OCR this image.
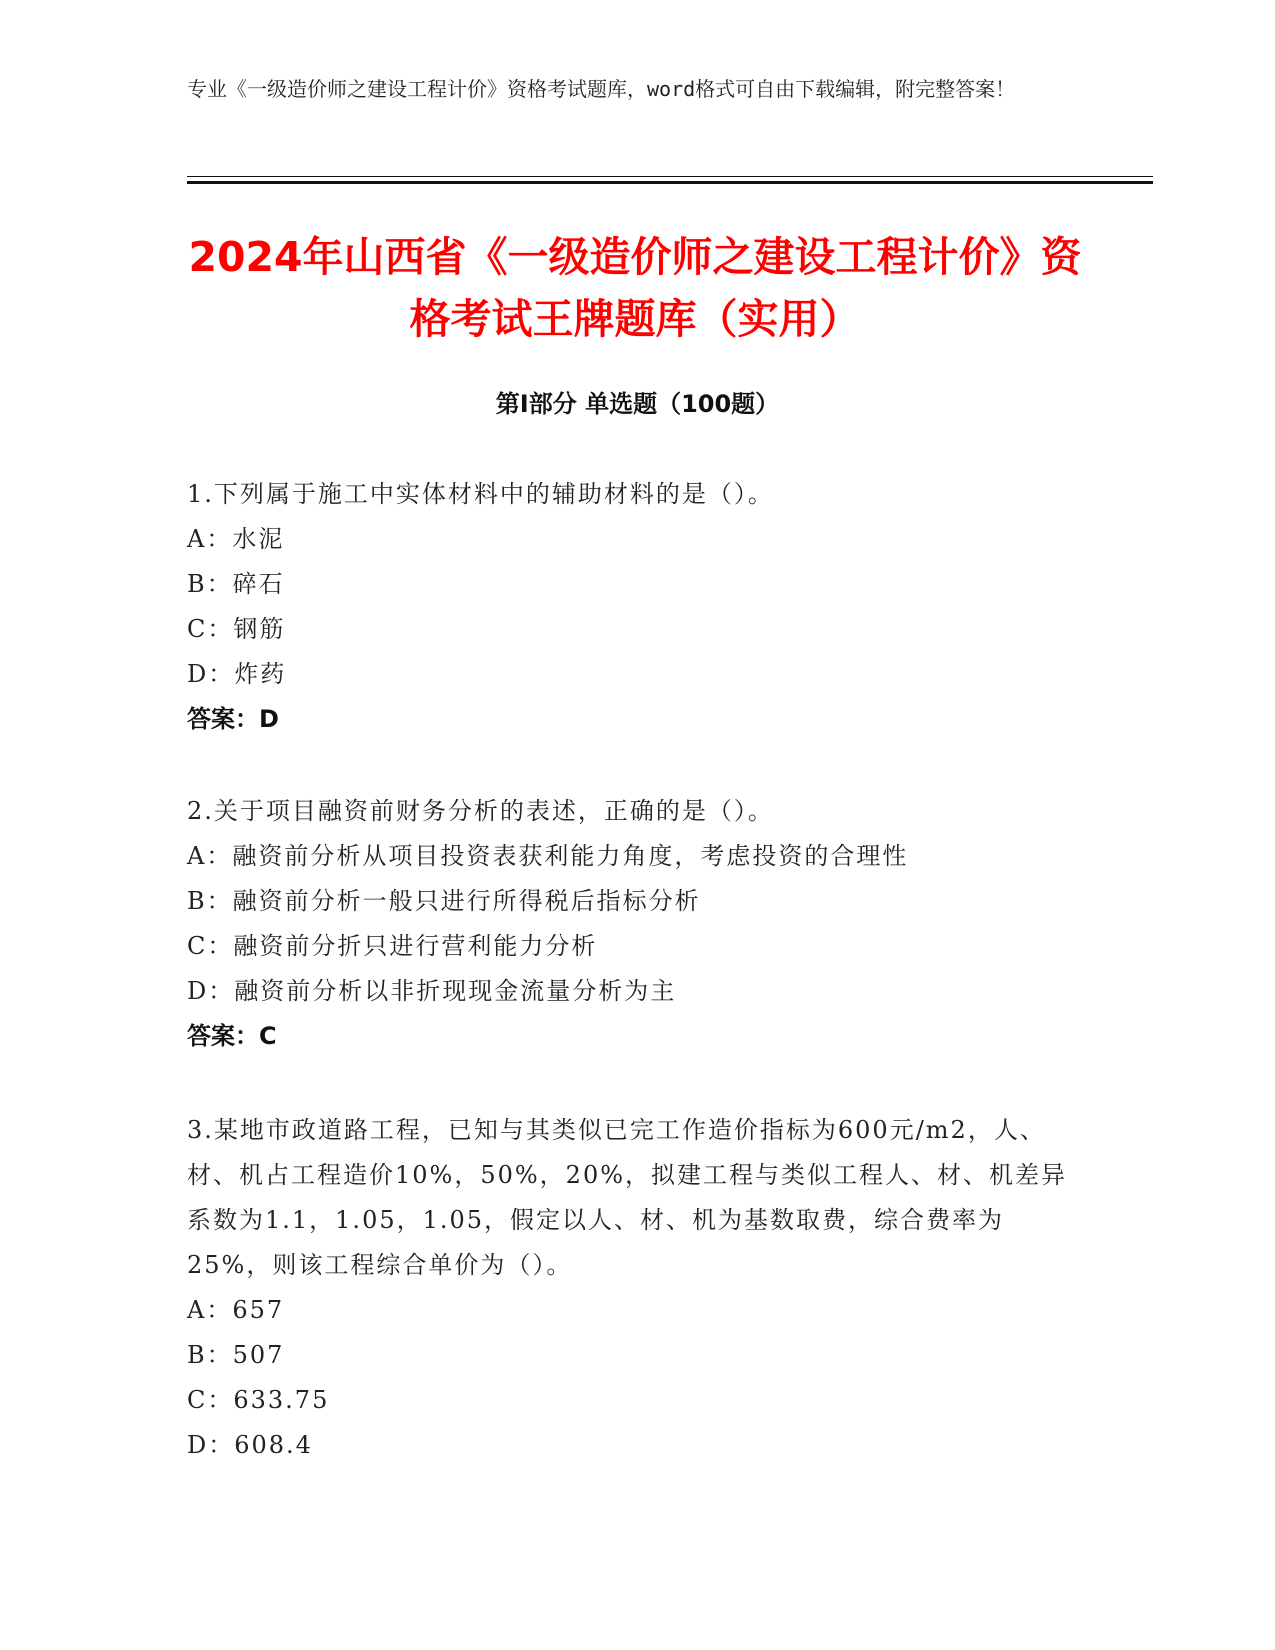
专业《一级造价师之建设工程计价》资格考试题库，word格式可自由下载编辑，附完整答案！
2024年山西省《一级造价师之建设工程计价》资格考试王牌题库（实用）
第Ⅰ部分 单选题（100题）
1.下列属于施工中实体材料中的辅助材料的是（）。
A：水泥
B：碎石
C：钢筋
D：炸药
答案：D
2.关于项目融资前财务分析的表述，正确的是（）。
A：融资前分析从项目投资表获利能力角度，考虑投资的合理性
B：融资前分析一般只进行所得税后指标分析
C：融资前分折只进行营利能力分析
D：融资前分析以非折现现金流量分析为主
答案：C
3.某地市政道路工程，已知与其类似已完工作造价指标为600元/m2，人、材、机占工程造价10%，50%，20%，拟建工程与类似工程人、材、机差异系数为1.1，1.05，1.05，假定以人、材、机为基数取费，综合费率为25%，则该工程综合单价为（）。
A：657
B：507
C：633.75
D：608.4
